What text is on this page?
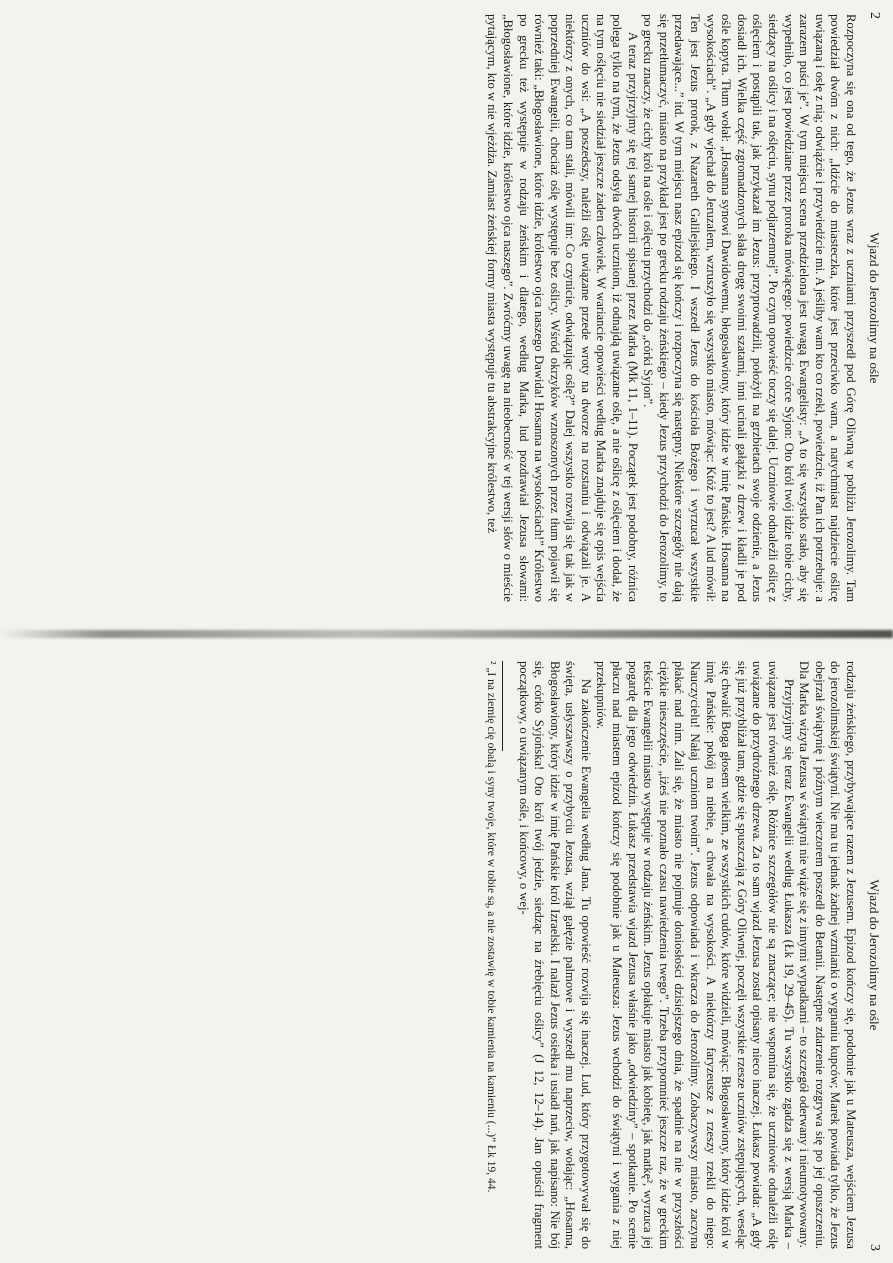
2
Wjazd do Jerozolimy na ośle

Rozpoczyna się ona od tego, że Jezus wraz z uczniami przyszedł pod Górę Oliwną w pobliżu Jerozolimy. Tam powiedział dwóm z nich: „Idźcie do miasteczka, które jest przeciwko wam, a natychmiast najdziecie oślicę uwiązaną i osłę z nią; odwiążcie i przywiedźcie mi. A jeśliby wam kto co rzekł, powiedzcie, iż Pan ich potrzebuje: a zarazem puści je”. W tym miejscu scena przedzielona jest uwagą Ewangelisty: „A to się wszystko stało, aby się wypełniło, co jest powiedziane przez proroka mówiącego: powiedzcie córce Syjon: Oto król twój idzie tobie cichy, siedzący na oślicy i na oślęciu, synu podjarzemnej”. Po czym opowieść toczy się dalej. Uczniowie odnaleźli oślicę z oślęciem i postąpili tak, jak przykazał im Jezus: przyprowadzili, położyli na grzbietach swoje odzienie, a Jezus dosiadł ich. Wielka część zgromadzonych słała drogę swoimi szatami, inni ucinali gałązki z drzew i kładli je pod ośle kopyta. Tłum wołał: „Hosanna synowi Dawidowemu, błogosławiony, który idzie w imię Pańskie. Hosanna na wysokościach”. „A gdy wjechał do Jeruzalem, wzruszyło się wszystko miasto, mówiąc: Któż to jest? A lud mówił: Ten jest Jezus prorok, z Nazareth Galilejskiego. I wszedł Jezus do kościoła Bożego i wyrzucał wszystkie przedawające...” itd. W tym miejscu nasz epizod się kończy i rozpoczyna się następny. Niektóre szczegóły nie dają się przetłumaczyć, miasto na przykład jest po grecku rodzaju żeńskiego – kiedy Jezus przychodzi do Jerozolimy, to po grecku znaczy, że cichy król na ośle i oślęciu przychodzi do „córki Syjon”.

A teraz przyjrzyjmy się tej samej historii spisanej przez Marka (Mk 11, 1–11). Początek jest podobny, różnica polega tylko na tym, że Jezus odsyła dwóch uczniom, iż odnajdą uwiązane oślę, a nie oślicę z oślęciem i dodał, że na tym oślęciu nie siedział jeszcze żaden człowiek. W wariancie opowieści według Marka znajduje się opis wejścia uczniów do wsi: „A poszedszy, naleźli oślę uwiązane przede wroty na dworze na rozstaniu i odwiązali je. A niektórzy z onych, co tam stali, mówili im: Co czynicie, odwiązując oślę?” Dalej wszystko rozwija się tak jak w poprzedniej Ewangelii, chociaż oślę występuje bez oślicy. Wśród okrzyków wznoszonych przez tłum pojawił się również taki: „Błogosławione, które idzie, królestwo ojca naszego Dawida! Hosanna na wysokościach!” Królestwo po grecku też występuje w rodzaju żeńskim i dlatego, według Marka, lud pozdrawiał Jezusa słowami: „Błogosławione, które idzie, królestwo ojca naszego”. Zwróćmy uwagę na nieobecność w tej wersji słów o mieście pytającym, kto w nie wjeżdża. Zamiast żeńskiej formy miasta występuje tu abstrakcyjne królestwo, też

Wjazd do Jerozolimy na ośle
3

rodzaju żeńskiego, przybywające razem z Jezusem. Epizod kończy się, podobnie jak u Mateusza, wejściem Jezusa do jerozolimskiej świątyni. Nie ma tu jednak żadnej wzmianki o wygnaniu kupców; Marek powiada tylko, że Jezus obejrzał świątynię i późnym wieczorem poszedł do Betanii. Następne zdarzenie rozgrywa się po jej opuszczeniu. Dla Marka wizyta Jezusa w świątyni nie wiąże się z innymi wypadkami – to szczegół oderwany i nieumotywowany.

Przyjrzyjmy się teraz Ewangelii według Łukasza (Łk 19, 29–45). Tu wszystko zgadza się z wersją Marka – uwiązane jest również oślę. Różnice szczegółów nie są znaczące; nie wspomina się, że uczniowie odnaleźli oślę uwiązane do przydrożnego drzewa. Za to sam wjazd Jezusa został opisany nieco inaczej. Łukasz powiada: „A gdy się już przybliżał tam, gdzie się spuszczają z Góry Oliwnej, poczęli wszystkie rzesze uczniów zstępujących, weseląc się chwalić Boga głosem wielkim, ze wszystkich cudów, które widzieli, mówiąc: Błogosławiony, który idzie król w imię Pańskie: pokój na niebie, a chwała na wysokości. A niektórzy faryzeusze z rzeszy rzekli do niego: Nauczycielu! Nałaj uczniom twoim”. Jezus odpowiada i wkracza do Jerozolimy. Zobaczywszy miasto, zaczyna płakać nad nim. Żali się, że miasto nie pojmuje doniosłości dzisiejszego dnia, że spadnie na nie w przyszłości ciężkie nieszczęście, „iżeś nie poznało czasu nawiedzenia twego”. Trzeba przypomnieć jeszcze raz, że w greckim tekście Ewangelii miasto występuje w rodzaju żeńskim. Jezus opłakuje miasto jak kobietę, jak matkę², wyrzuca jej pogardę dla jego odwiedzin. Łukasz przedstawia wjazd Jezusa właśnie jako „odwiedziny” – spotkanie. Po scenie płaczu nad miastem epizod kończy się podobnie jak u Mateusza: Jezus wchodzi do świątyni i wygania z niej przekupniów.

Na zakończenie Ewangelia według Jana. Tu opowieść rozwija się inaczej. Lud, który przygotowywał się do święta, usłyszawszy o przybyciu Jezusa, wziął gałęzie palmowe i wyszedł mu naprzeciw, wołając: „Hosanna, Błogosławiony, który idzie w imię Pańskie król Izraelski. I nalazł Jezus osiełka i usiadł nań, jak napisano: Nie bój się, córko Syjońska! Oto król twój jedzie, siedząc na źrebięciu oślicy” (J 12, 12–14). Jan opuścił fragment początkowy, o uwiązanym ośle, i końcowy, o wej-

² „I na ziemię cię obalą i syny twoje, które w tobie są, a nie zostawię w tobie kamienia na kamieniu (...)” Łk 19, 44.
